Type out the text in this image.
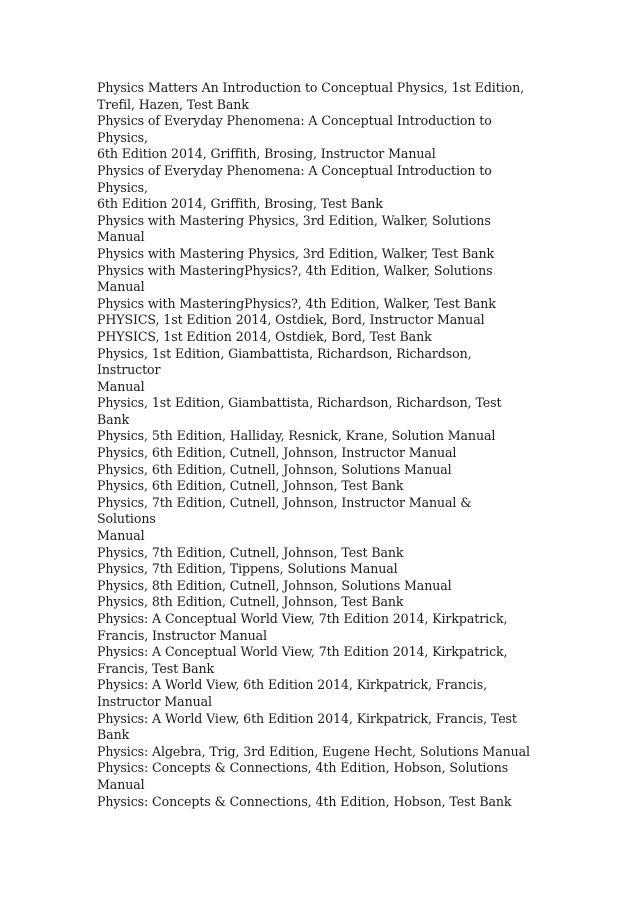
Physics Matters An Introduction to Conceptual Physics, 1st Edition,
Trefil, Hazen, Test Bank
Physics of Everyday Phenomena: A Conceptual Introduction to
Physics,
6th Edition 2014, Griffith, Brosing, Instructor Manual
Physics of Everyday Phenomena: A Conceptual Introduction to
Physics,
6th Edition 2014, Griffith, Brosing, Test Bank
Physics with Mastering Physics, 3rd Edition, Walker, Solutions
Manual
Physics with Mastering Physics, 3rd Edition, Walker, Test Bank
Physics with MasteringPhysics?, 4th Edition, Walker, Solutions
Manual
Physics with MasteringPhysics?, 4th Edition, Walker, Test Bank
PHYSICS, 1st Edition 2014, Ostdiek, Bord, Instructor Manual
PHYSICS, 1st Edition 2014, Ostdiek, Bord, Test Bank
Physics, 1st Edition, Giambattista, Richardson, Richardson,
Instructor
Manual
Physics, 1st Edition, Giambattista, Richardson, Richardson, Test
Bank
Physics, 5th Edition, Halliday, Resnick, Krane, Solution Manual
Physics, 6th Edition, Cutnell, Johnson, Instructor Manual
Physics, 6th Edition, Cutnell, Johnson, Solutions Manual
Physics, 6th Edition, Cutnell, Johnson, Test Bank
Physics, 7th Edition, Cutnell, Johnson, Instructor Manual &
Solutions
Manual
Physics, 7th Edition, Cutnell, Johnson, Test Bank
Physics, 7th Edition, Tippens, Solutions Manual
Physics, 8th Edition, Cutnell, Johnson, Solutions Manual
Physics, 8th Edition, Cutnell, Johnson, Test Bank
Physics: A Conceptual World View, 7th Edition 2014, Kirkpatrick,
Francis, Instructor Manual
Physics: A Conceptual World View, 7th Edition 2014, Kirkpatrick,
Francis, Test Bank
Physics: A World View, 6th Edition 2014, Kirkpatrick, Francis,
Instructor Manual
Physics: A World View, 6th Edition 2014, Kirkpatrick, Francis, Test
Bank
Physics: Algebra, Trig, 3rd Edition, Eugene Hecht, Solutions Manual
Physics: Concepts & Connections, 4th Edition, Hobson, Solutions
Manual
Physics: Concepts & Connections, 4th Edition, Hobson, Test Bank
